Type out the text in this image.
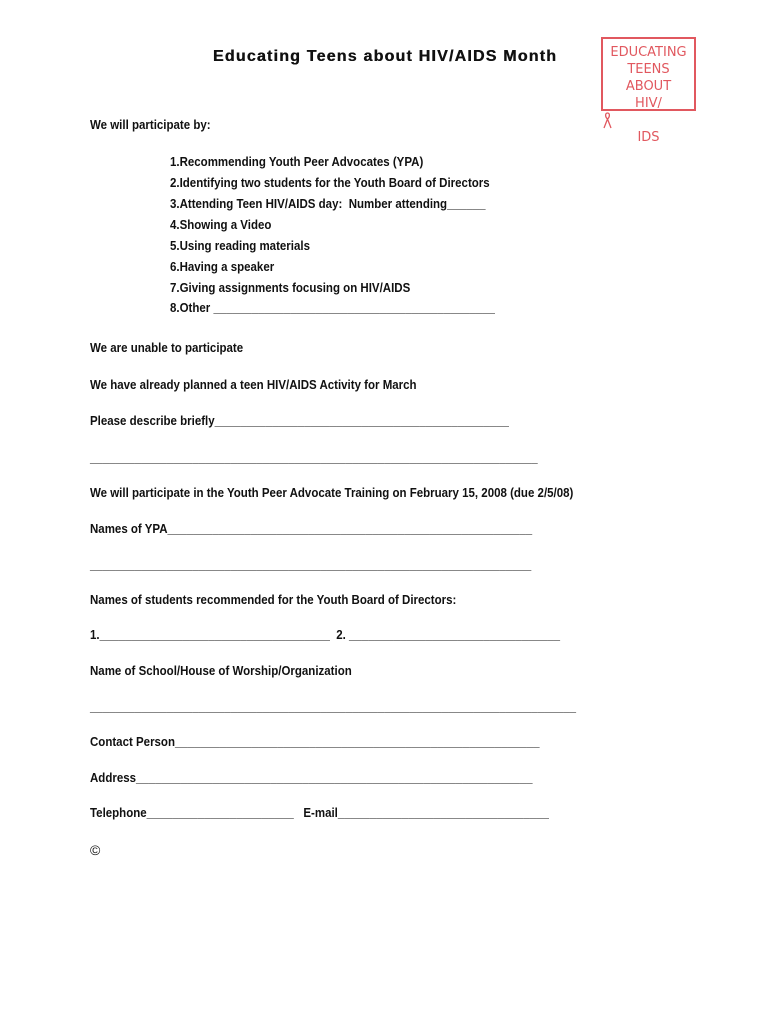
Educating Teens about HIV/AIDS Month	EDUCATING
TEENS ABOUT
HIV/
IDS
We will participate by:
1.Recommending Youth Peer Advocates (YPA)
2.Identifying two students for the Youth Board of Directors
3.Attending Teen HIV/AIDS day:  Number attending______
4.Showing a Video
5.Using reading materials
6.Having a speaker
7.Giving assignments focusing on HIV/AIDS
8.Other ____________________________________________
We are unable to participate
We have already planned a teen HIV/AIDS Activity for March
Please describe briefly______________________________________________
______________________________________________________________________
We will participate in the Youth Peer Advocate Training on February 15, 2008 (due 2/5/08)
Names of YPA_________________________________________________________
_____________________________________________________________________
Names of students recommended for the Youth Board of Directors:
1.____________________________________  2. _________________________________
Name of School/House of Worship/Organization
____________________________________________________________________________
Contact Person_________________________________________________________
Address______________________________________________________________
Telephone_______________________   E-mail_________________________________
©
